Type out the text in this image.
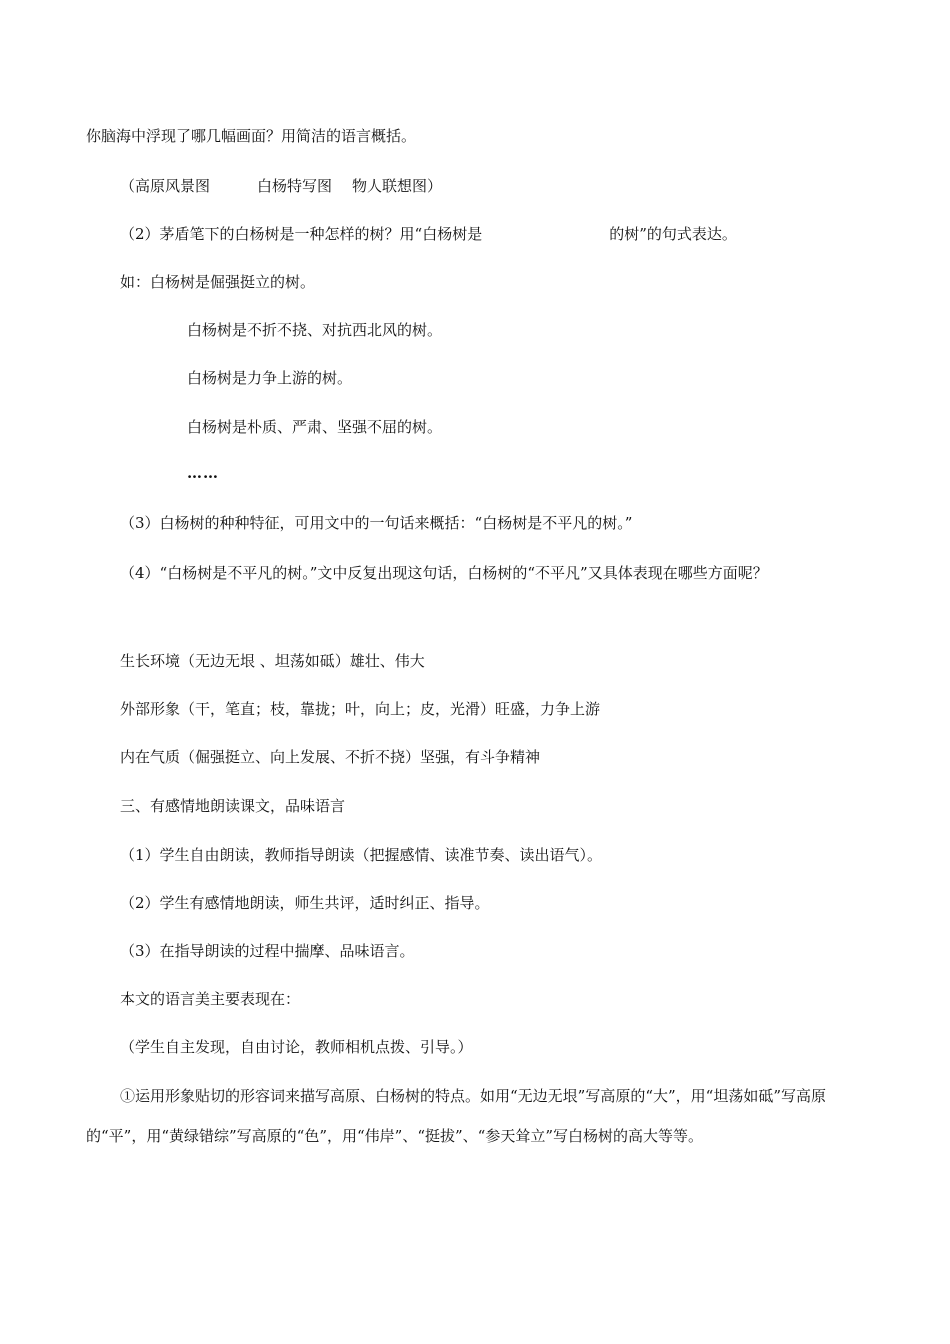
你脑海中浮现了哪几幅画面？用简洁的语言概括。
（高原风景图	白杨特写图 物人联想图）
（2）茅盾笔下的白杨树是一种怎样的树？用“白杨树是	的树”的句式表达。
如：白杨树是倔强挺立的树。
白杨树是不折不挠、对抗西北风的树。
白杨树是力争上游的树。
白杨树是朴质、严肃、坚强不屈的树。
……
（3）白杨树的种种特征，可用文中的一句话来概括：“白杨树是不平凡的树。”
（4）“白杨树是不平凡的树。”文中反复出现这句话，白杨树的“不平凡”又具体表现在哪些方面呢？
生长环境（无边无垠 、坦荡如砥）雄壮、伟大
外部形象（干，笔直；枝，靠拢；叶，向上；皮，光滑）旺盛，力争上游
内在气质（倔强挺立、向上发展、不折不挠）坚强，有斗争精神
三、有感情地朗读课文，品味语言
（1）学生自由朗读，教师指导朗读（把握感情、读准节奏、读出语气）。
（2）学生有感情地朗读，师生共评，适时纠正、指导。
（3）在指导朗读的过程中揣摩、品味语言。
本文的语言美主要表现在：
（学生自主发现，自由讨论，教师相机点拨、引导。）
①运用形象贴切的形容词来描写高原、白杨树的特点。如用“无边无垠”写高原的“大”，用“坦荡如砥”写高原的“平”，用“黄绿错综”写高原的“色”，用“伟岸”、“挺拔”、“参天耸立”写白杨树的高大等等。
